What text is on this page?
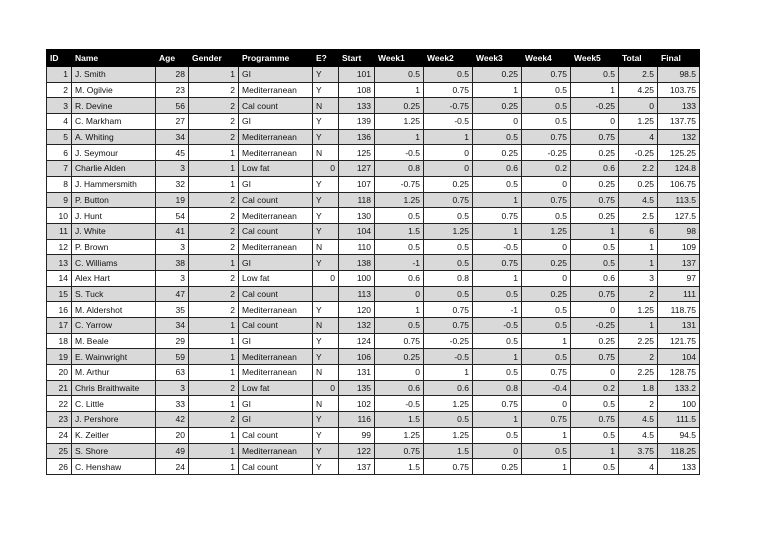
ID	Name	Age	Gender	Programme	E?	Start	Week1	Week2	Week3	Week4	Week5	Total	Final
1	J. Smith	28	1	GI	Y	101	0.5	0.5	0.25	0.75	0.5	2.5	98.5
2	M. Ogilvie	23	2	Mediterranean	Y	108	1	0.75	1	0.5	1	4.25	103.75
3	R. Devine	56	2	Cal count	N	133	0.25	-0.75	0.25	0.5	-0.25	0	133
4	C. Markham	27	2	GI	Y	139	1.25	-0.5	0	0.5	0	1.25	137.75
5	A. Whiting	34	2	Mediterranean	Y	136	1	1	0.5	0.75	0.75	4	132
6	J. Seymour	45	1	Mediterranean	N	125	-0.5	0	0.25	-0.25	0.25	-0.25	125.25
7	Charlie Alden	3	1	Low fat	0	127	0.8	0	0.6	0.2	0.6	2.2	124.8
8	J. Hammersmith	32	1	GI	Y	107	-0.75	0.25	0.5	0	0.25	0.25	106.75
9	P. Button	19	2	Cal count	Y	118	1.25	0.75	1	0.75	0.75	4.5	113.5
10	J. Hunt	54	2	Mediterranean	Y	130	0.5	0.5	0.75	0.5	0.25	2.5	127.5
11	J. White	41	2	Cal count	Y	104	1.5	1.25	1	1.25	1	6	98
12	P. Brown	3	2	Mediterranean	N	110	0.5	0.5	-0.5	0	0.5	1	109
13	C. Williams	38	1	GI	Y	138	-1	0.5	0.75	0.25	0.5	1	137
14	Alex Hart	3	2	Low fat	0	100	0.6	0.8	1	0	0.6	3	97
15	S. Tuck	47	2	Cal count		113	0	0.5	0.5	0.25	0.75	2	111
16	M. Aldershot	35	2	Mediterranean	Y	120	1	0.75	-1	0.5	0	1.25	118.75
17	C. Yarrow	34	1	Cal count	N	132	0.5	0.75	-0.5	0.5	-0.25	1	131
18	M. Beale	29	1	GI	Y	124	0.75	-0.25	0.5	1	0.25	2.25	121.75
19	E. Wainwright	59	1	Mediterranean	Y	106	0.25	-0.5	1	0.5	0.75	2	104
20	M. Arthur	63	1	Mediterranean	N	131	0	1	0.5	0.75	0	2.25	128.75
21	Chris Braithwaite	3	2	Low fat	0	135	0.6	0.6	0.8	-0.4	0.2	1.8	133.2
22	C. Little	33	1	GI	N	102	-0.5	1.25	0.75	0	0.5	2	100
23	J. Pershore	42	2	GI	Y	116	1.5	0.5	1	0.75	0.75	4.5	111.5
24	K. Zeitler	20	1	Cal count	Y	99	1.25	1.25	0.5	1	0.5	4.5	94.5
25	S. Shore	49	1	Mediterranean	Y	122	0.75	1.5	0	0.5	1	3.75	118.25
26	C. Henshaw	24	1	Cal count	Y	137	1.5	0.75	0.25	1	0.5	4	133
